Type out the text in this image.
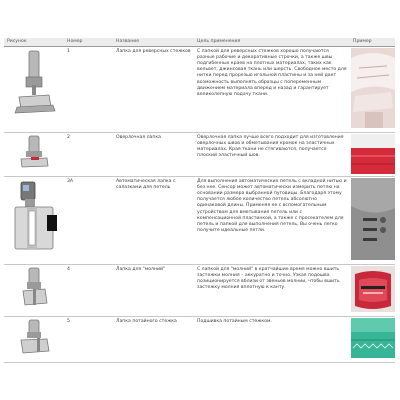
Рисунок	Номер	Название	Цель применения	Пример

	1	Лапка для реверсных стежков	С лапкой для реверсных стежков хорошо получаются разные рабочие и декоративные строчки, а также швы подгибенных краев на плотных материалах, таких как вельвет, джинсовая ткань или шерсть. Свободное место для нитки перед прорезью игольной пластины и за ней дает возможность выполнять образцы с попеременным движением материала вперед и назад и гарантирует великолепную подачу ткани.	

	2	Оверлочная лапка	Оверлочная лапка лучше всего подходит для изготовления оверлочных швов и обметывания кромок на эластичных материалах. Края ткани не стягиваются, получается плоский эластичный шов.	

	3A	Автоматическая лапка с салазками для петель	Для выполнения автоматических петель с вкладной нитью и без нее. Сенсор может автоматически измерить петлю на основании размера выбранной пуговицы. Благодаря этому получается любое количество петель абсолютно одинаковой длины. Применяя ее с вспомогательным устройством для вметывания петель или с компенсационной пластинкой, а также с просекателем для петель и лапкой для выполнения петель, Вы очень легко получите идеальные петли.	

	4	Лапка для "молний"	С лапкой для "молний" в кратчайшие время можно вшить застежки молния – аккуратно и точно. Узкая подошва позиционируется вблизи от звеньев молнии, чтобы вшить застежку молния вплотную к канту.	

	5	Лапка потайного стежка	Подшивка потайным стежком.	
